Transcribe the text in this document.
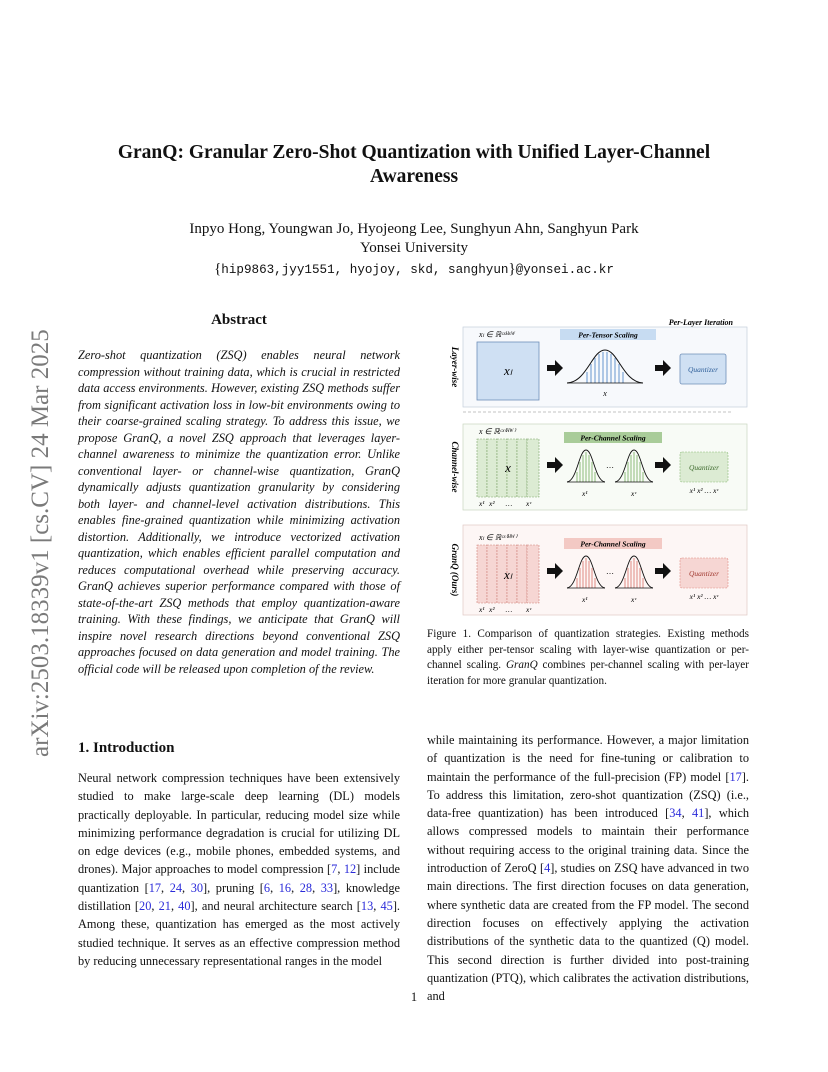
arXiv:2503.18339v1 [cs.CV] 24 Mar 2025
GranQ: Granular Zero-Shot Quantization with Unified Layer-Channel Awareness
Inpyo Hong, Youngwan Jo, Hyojeong Lee, Sunghyun Ahn, Sanghyun Park
Yonsei University
{hip9863,jyy1551, hyojoy, skd, sanghyun}@yonsei.ac.kr
Abstract
Zero-shot quantization (ZSQ) enables neural network compression without training data, which is crucial in restricted data access environments. However, existing ZSQ methods suffer from significant activation loss in low-bit environments owing to their coarse-grained scaling strategy. To address this issue, we propose GranQ, a novel ZSQ approach that leverages layer-channel awareness to minimize the quantization error. Unlike conventional layer- or channel-wise quantization, GranQ dynamically adjusts quantization granularity by considering both layer- and channel-level activation distributions. This enables fine-grained quantization while minimizing activation distortion. Additionally, we introduce vectorized activation quantization, which enables efficient parallel computation and reduces computational overhead while preserving accuracy. GranQ achieves superior performance compared with those of state-of-the-art ZSQ methods that employ quantization-aware training. With these findings, we anticipate that GranQ will inspire novel research directions beyond conventional ZSQ approaches focused on data generation and model training. The official code will be released upon completion of the review.
1. Introduction
Neural network compression techniques have been extensively studied to make large-scale deep learning (DL) models practically deployable. In particular, reducing model size while minimizing performance degradation is crucial for utilizing DL on edge devices (e.g., mobile phones, embedded systems, and drones). Major approaches to model compression [7, 12] include quantization [17, 24, 30], pruning [6, 16, 28, 33], knowledge distillation [20, 21, 40], and neural architecture search [13, 45]. Among these, quantization has emerged as the most actively studied technique. It serves as an effective compression method by reducing unnecessary representational ranges in the model
Per-Layer Iteration
Layer-wise
xₗ ∈ ℝᶜˣᴴˣᵂ
xₗ
Per-Tensor Scaling
x
Quantizer
Channel-wise
x ∈ ℝᶜˣ⁽ᴴᵂ⁾
x
x¹ x² … xᶜ
Per-Channel Scaling
…
x¹	xᶜ
Quantizer
x¹ x² … xᶜ
GranQ (Ours)
xₗ ∈ ℝᶜˣ⁽ᴴᵂ⁾
xₗ
x¹ x² … xᶜ
Per-Channel Scaling
…
x¹	xᶜ
Quantizer
x¹ x² … xᶜ
Figure 1. Comparison of quantization strategies. Existing methods apply either per-tensor scaling with layer-wise quantization or per-channel scaling. GranQ combines per-channel scaling with per-layer iteration for more granular quantization.
while maintaining its performance. However, a major limitation of quantization is the need for fine-tuning or calibration to maintain the performance of the full-precision (FP) model [17]. To address this limitation, zero-shot quantization (ZSQ) (i.e., data-free quantization) has been introduced [34, 41], which allows compressed models to maintain their performance without requiring access to the original training data. Since the introduction of ZeroQ [4], studies on ZSQ have advanced in two main directions. The first direction focuses on data generation, where synthetic data are created from the FP model. The second direction focuses on effectively applying the activation distributions of the synthetic data to the quantized (Q) model. This second direction is further divided into post-training quantization (PTQ), which calibrates the activation distributions, and
1
